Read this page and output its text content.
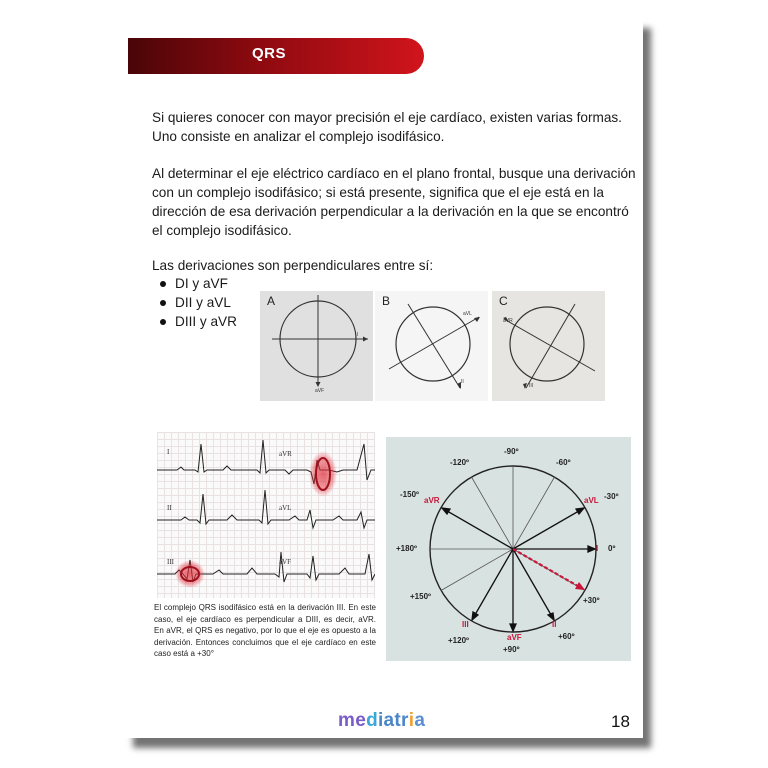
QRS

Si quieres conocer con mayor precisión el eje cardíaco, existen varias formas. Uno consiste en analizar el complejo isodifásico.

Al determinar el eje eléctrico cardíaco en el plano frontal, busque una derivación con un complejo isodifásico; si está presente, significa que el eje está en la dirección de esa derivación perpendicular a la derivación en la que se encontró el complejo isodifásico.

Las derivaciones son perpendiculares entre sí:

DI y aVF
DII y aVL
DIII y aVR
I
aVF
A
aVL
II
B
aVR
III
C
I	aVR
II	aVL
III	aVF

El complejo QRS isodifásico está en la derivación III. En este caso, el eje cardíaco es perpendicular a DIII, es decir, aVR. En aVR, el QRS es negativo, por lo que el eje es opuesto a la derivación. Entonces concluimos que el eje cardíaco en este caso está a +30°

-90º
-60º
-30º
0º
+30º
+60º
+90º
+120º
+150º
+180º
-150º
-120º
aVR	aVL
I
II
III
aVF
mediatria	18
